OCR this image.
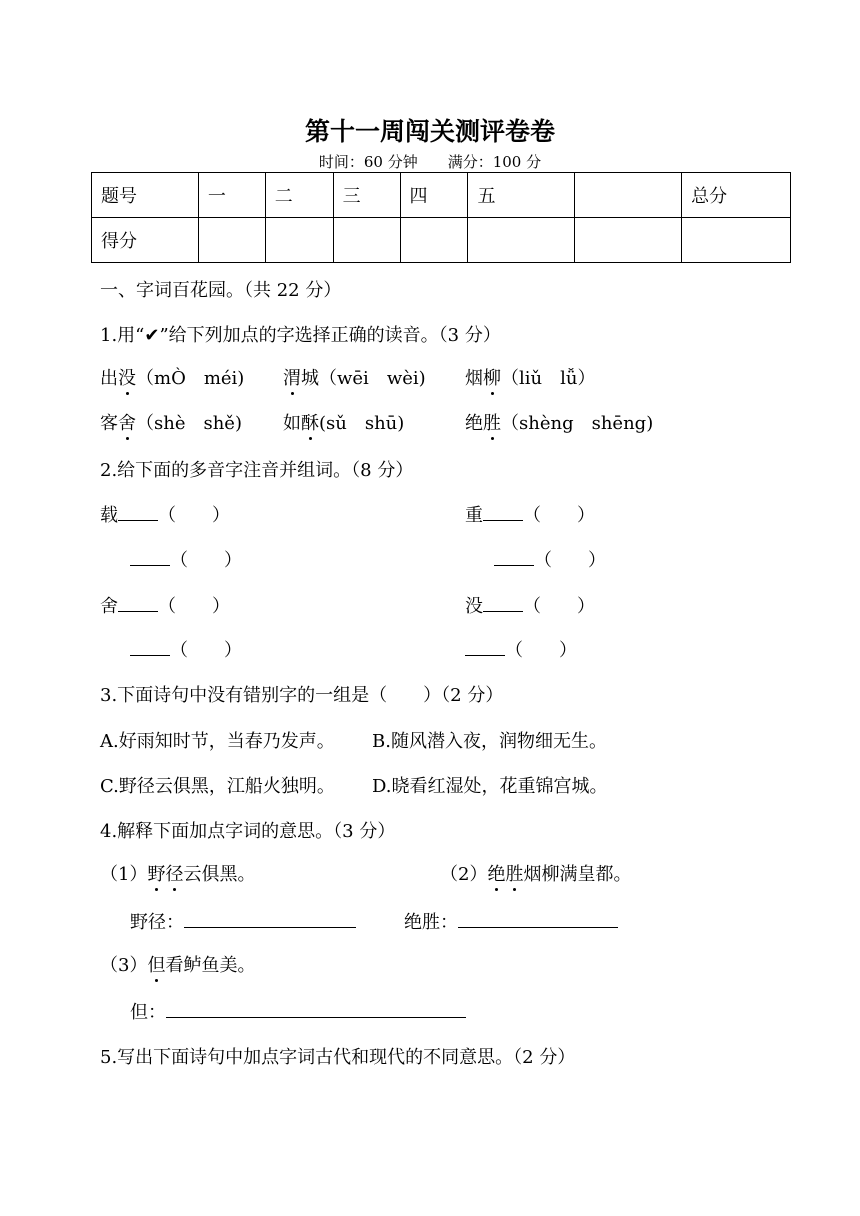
第十一周闯关测评卷卷
时间：60 分钟　　满分：100 分
题号	一	二	三	四	五		总分
得分							
一、字词百花园。（共 22 分）
1.用“✔”给下列加点的字选择正确的读音。（3 分）
出没（mÒ　méi) 渭城（wēi　wèi) 烟柳（liǔ　lǚ）
客舍（shè　shě) 如酥(sǔ　shū)	绝胜（shèng　shēng)
2.给下面的多音字注音并组词。（8 分）
载 （　　）	重 （　　）
（　　）	（　　）
舍 （　　）	没 （　　）
（　　）	（　　）
3.下面诗句中没有错别字的一组是（　　）（2 分）
A.好雨知时节，当春乃发声。 B.随风潜入夜，润物细无生。
C.野径云俱黑，江船火独明。 D.晓看红湿处，花重锦宫城。
4.解释下面加点字词的意思。（3 分）
（1）野径云俱黑。	（2）绝胜烟柳满皇都。
野径：	绝胜：
（3）但看鲈鱼美。
但：
5.写出下面诗句中加点字词古代和现代的不同意思。（2 分）
